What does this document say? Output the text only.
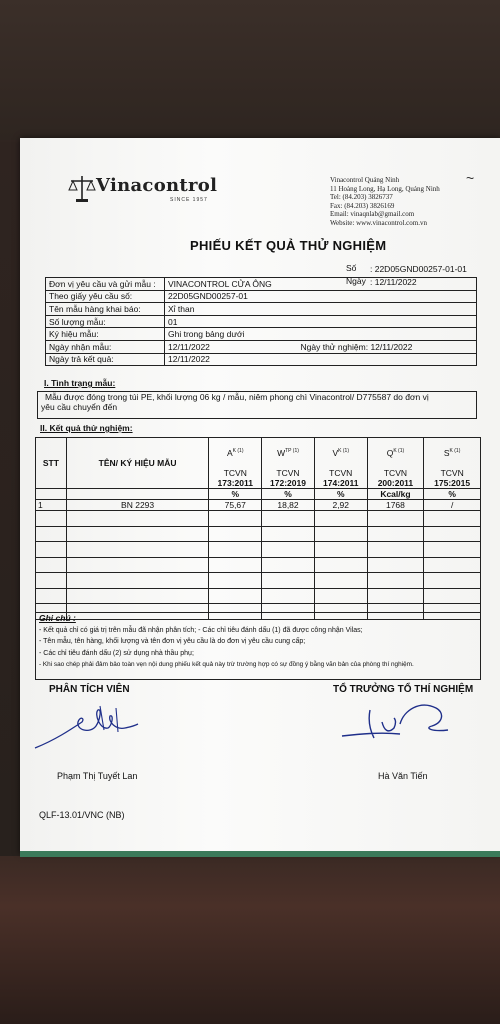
Vinacontrol
SINCE 1957
Vinacontrol Quảng Ninh
11 Hoàng Long, Hạ Long, Quảng Ninh
Tel: (84.203) 3826737
Fax: (84.203) 3826169
Email: vinaqnlab@gmail.com
Website: www.vinacontrol.com.vn
~
PHIẾU KẾT QUẢ THỬ NGHIỆM
Số : 22D05GND00257-01-01
Ngày : 12/11/2022
Đơn vị yêu cầu và gửi mẫu :	VINACONTROL CỬA ÔNG
Theo giấy yêu cầu số:	22D05GND00257-01
Tên mẫu hàng khai báo:	Xỉ than
Số lượng mẫu:	01
Ký hiệu mẫu:	Ghi trong bảng dưới
Ngày nhận mẫu:	12/11/2022 Ngày thử nghiệm: 12/11/2022

Ngày trả kết quả:	12/11/2022
I. Tình trạng mẫu:
Mẫu được đóng trong túi PE, khối lượng 06 kg / mẫu, niêm phong chì Vinacontrol/ D775587 do đơn vị
yêu cầu chuyển đến
II. Kết quả thử nghiệm:
STT	TÊN/ KÝ HIỆU MẪU	$A^{K (1)}$

TCVN
173:2011	$W^{TP (1)}$

TCVN
172:2019	$V^{K (1)}$

TCVN
174:2011	$Q^{K (1)}$

TCVN
200:2011	$S^{K (1)}$

TCVN
175:2015
		%	%	%	Kcal/kg	%
1	BN 2293	75,67	18,82	2,92	1768	/

Ghi chú :
- Kết quả chỉ có giá trị trên mẫu đã nhận phân tích; - Các chỉ tiêu đánh dấu (1) đã được công nhận Vilas;
- Tên mẫu, tên hàng, khối lượng và tên đơn vị yêu cầu là do đơn vị yêu cầu cung cấp;
- Các chỉ tiêu đánh dấu (2) sử dụng nhà thầu phụ;
- Khi sao chép phải đảm bảo toàn vẹn nội dung phiếu kết quả này trừ trường hợp có sự đồng ý bằng văn bản của phòng thí nghiệm.
PHÂN TÍCH VIÊN	TỔ TRƯỞNG TỔ THÍ NGHIỆM
Phạm Thị Tuyết Lan	Hà Văn Tiến
QLF-13.01/VNC (NB)
